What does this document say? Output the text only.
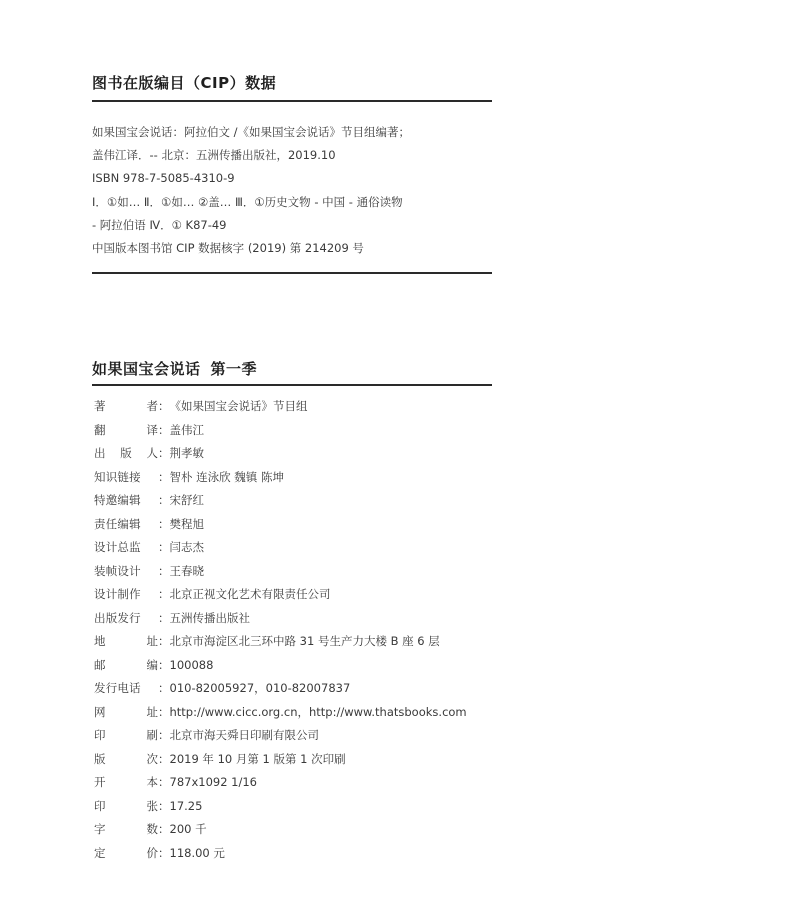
图书在版编目（CIP）数据
如果国宝会说话：阿拉伯文 /《如果国宝会说话》节目组编著；
盖伟江译．-- 北京：五洲传播出版社，2019.10
ISBN 978-7-5085-4310-9
Ⅰ．①如… Ⅱ．①如… ②盖… Ⅲ．①历史文物 - 中国 - 通俗读物
- 阿拉伯语 Ⅳ．① K87-49
中国版本图书馆 CIP 数据核字 (2019) 第 214209 号
如果国宝会说话 第一季
著	者 ： 《如果国宝会说话》节目组
翻	译 ： 盖伟江
出 版 人 ： 荆孝敏
知识链接	： 智朴 连泳欣 魏镇 陈坤
特邀编辑	： 宋舒红
责任编辑	： 樊程旭
设计总监	： 闫志杰
装帧设计	： 王春晓
设计制作	： 北京正视文化艺术有限责任公司
出版发行	： 五洲传播出版社
地	址 ： 北京市海淀区北三环中路 31 号生产力大楼 B 座 6 层
邮	编 ： 100088
发行电话	： 010-82005927，010-82007837
网	址 ： http://www.cicc.org.cn，http://www.thatsbooks.com
印	刷 ： 北京市海天舜日印刷有限公司
版	次 ： 2019 年 10 月第 1 版第 1 次印刷
开	本 ： 787x1092 1/16
印	张 ： 17.25
字	数 ： 200 千
定	价 ： 118.00 元
